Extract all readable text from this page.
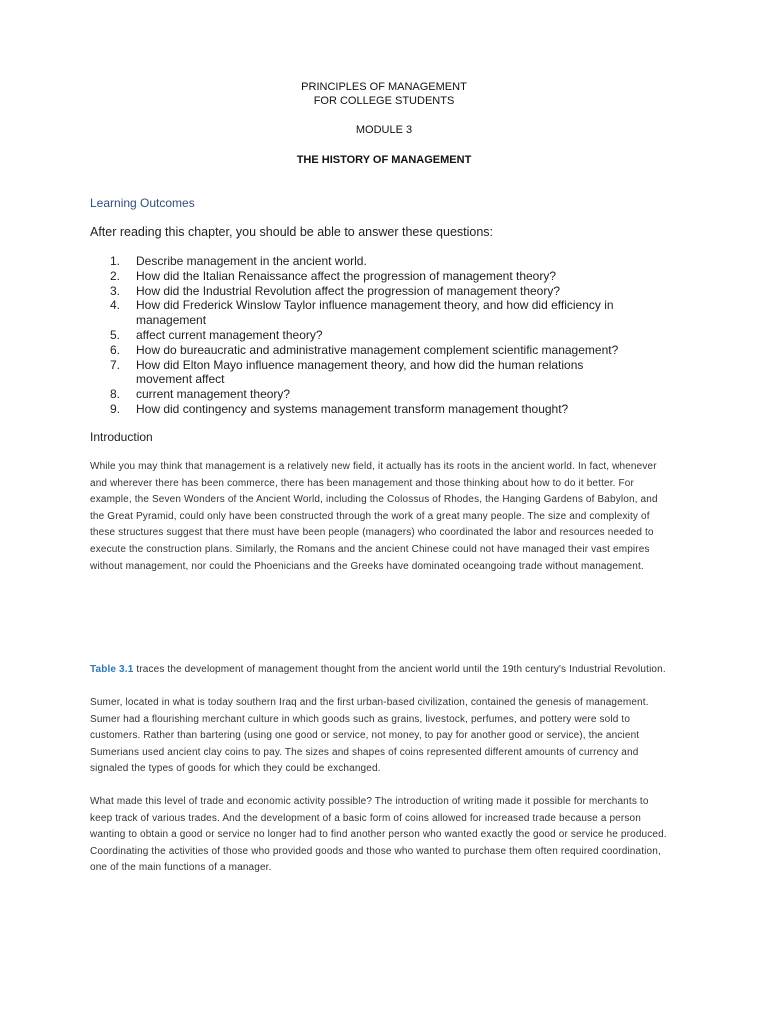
PRINCIPLES OF MANAGEMENT
FOR COLLEGE STUDENTS
MODULE 3
THE HISTORY OF MANAGEMENT
Learning Outcomes
After reading this chapter, you should be able to answer these questions:
1.	Describe management in the ancient world.
2.	How did the Italian Renaissance affect the progression of management theory?
3.	How did the Industrial Revolution affect the progression of management theory?
4.	How did Frederick Winslow Taylor influence management theory, and how did efficiency in
management
5.	affect current management theory?
6.	How do bureaucratic and administrative management complement scientific management?
7.	How did Elton Mayo influence management theory, and how did the human relations
movement affect
8.	current management theory?
9.	How did contingency and systems management transform management thought?
Introduction

While you may think that management is a relatively new field, it actually has its roots in the ancient world. In fact, whenever and wherever there has been commerce, there has been management and those thinking about how to do it better. For example, the Seven Wonders of the Ancient World, including the Colossus of Rhodes, the Hanging Gardens of Babylon, and the Great Pyramid, could only have been constructed through the work of a great many people. The size and complexity of these structures suggest that there must have been people (managers) who coordinated the labor and resources needed to execute the construction plans. Similarly, the Romans and the ancient Chinese could not have managed their vast empires without management, nor could the Phoenicians and the Greeks have dominated oceangoing trade without management.

Table 3.1 traces the development of management thought from the ancient world until the 19th century's Industrial Revolution.

Sumer, located in what is today southern Iraq and the first urban-based civilization, contained the genesis of management. Sumer had a flourishing merchant culture in which goods such as grains, livestock, perfumes, and pottery were sold to customers. Rather than bartering (using one good or service, not money, to pay for another good or service), the ancient Sumerians used ancient clay coins to pay. The sizes and shapes of coins represented different amounts of currency and signaled the types of goods for which they could be exchanged.

What made this level of trade and economic activity possible? The introduction of writing made it possible for merchants to keep track of various trades. And the development of a basic form of coins allowed for increased trade because a person wanting to obtain a good or service no longer had to find another person who wanted exactly the good or service he produced. Coordinating the activities of those who provided goods and those who wanted to purchase them often required coordination, one of the main functions of a manager.
